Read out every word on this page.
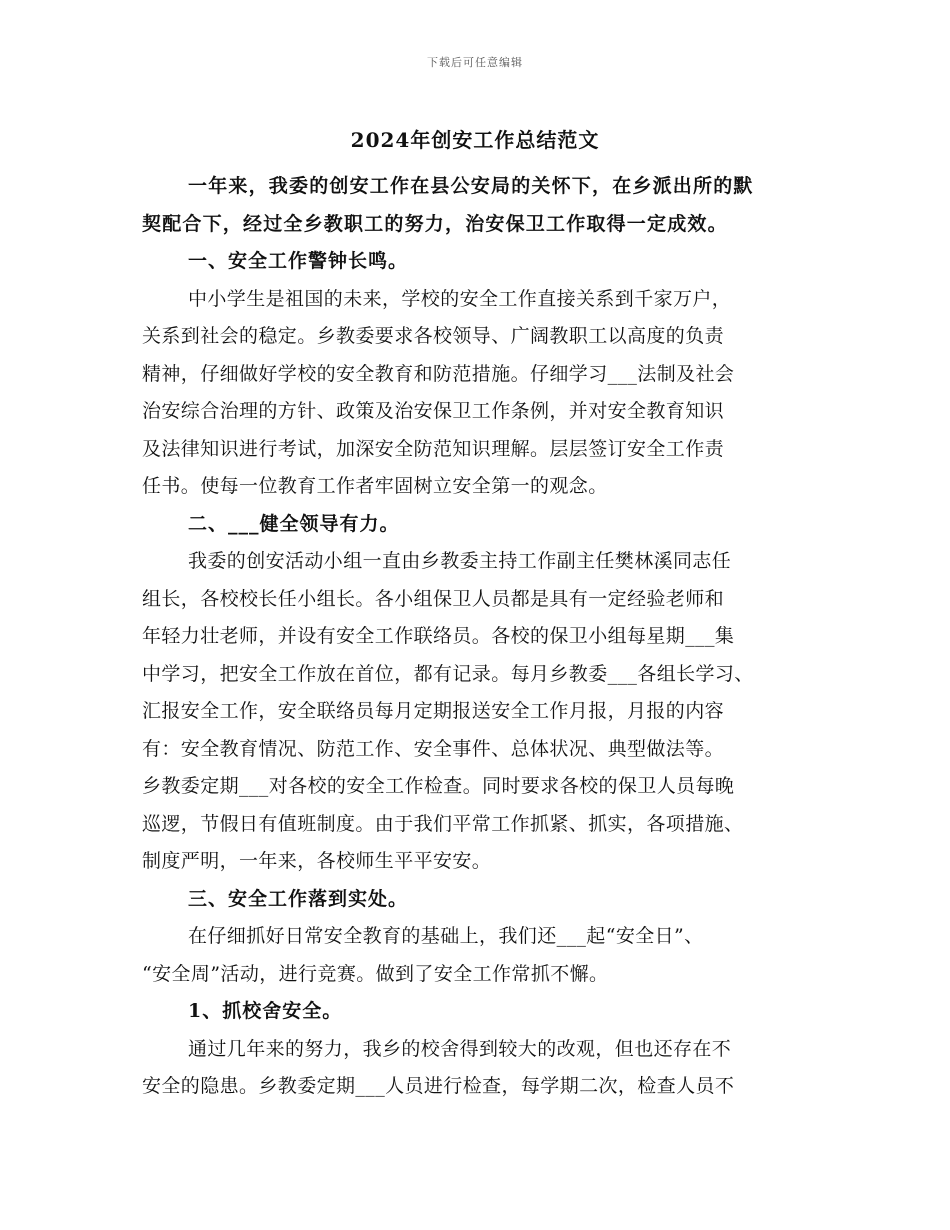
下载后可任意编辑
2024年创安工作总结范文
一年来，我委的创安工作在县公安局的关怀下，在乡派出所的默
契配合下，经过全乡教职工的努力，治安保卫工作取得一定成效。
一、安全工作警钟长鸣。
中小学生是祖国的未来，学校的安全工作直接关系到千家万户，
关系到社会的稳定。乡教委要求各校领导、广阔教职工以高度的负责
精神，仔细做好学校的安全教育和防范措施。仔细学习___法制及社会
治安综合治理的方针、政策及治安保卫工作条例，并对安全教育知识
及法律知识进行考试，加深安全防范知识理解。层层签订安全工作责
任书。使每一位教育工作者牢固树立安全第一的观念。
二、___健全领导有力。
我委的创安活动小组一直由乡教委主持工作副主任樊林溪同志任
组长，各校校长任小组长。各小组保卫人员都是具有一定经验老师和
年轻力壮老师，并设有安全工作联络员。各校的保卫小组每星期___集
中学习，把安全工作放在首位，都有记录。每月乡教委___各组长学习、
汇报安全工作，安全联络员每月定期报送安全工作月报，月报的内容
有：安全教育情况、防范工作、安全事件、总体状况、典型做法等。
乡教委定期___对各校的安全工作检查。同时要求各校的保卫人员每晚
巡逻，节假日有值班制度。由于我们平常工作抓紧、抓实，各项措施、
制度严明，一年来，各校师生平平安安。
三、安全工作落到实处。
在仔细抓好日常安全教育的基础上，我们还___起“安全日”、
“安全周”活动，进行竞赛。做到了安全工作常抓不懈。
1、抓校舍安全。
通过几年来的努力，我乡的校舍得到较大的改观，但也还存在不
安全的隐患。乡教委定期___人员进行检查，每学期二次，检查人员不
